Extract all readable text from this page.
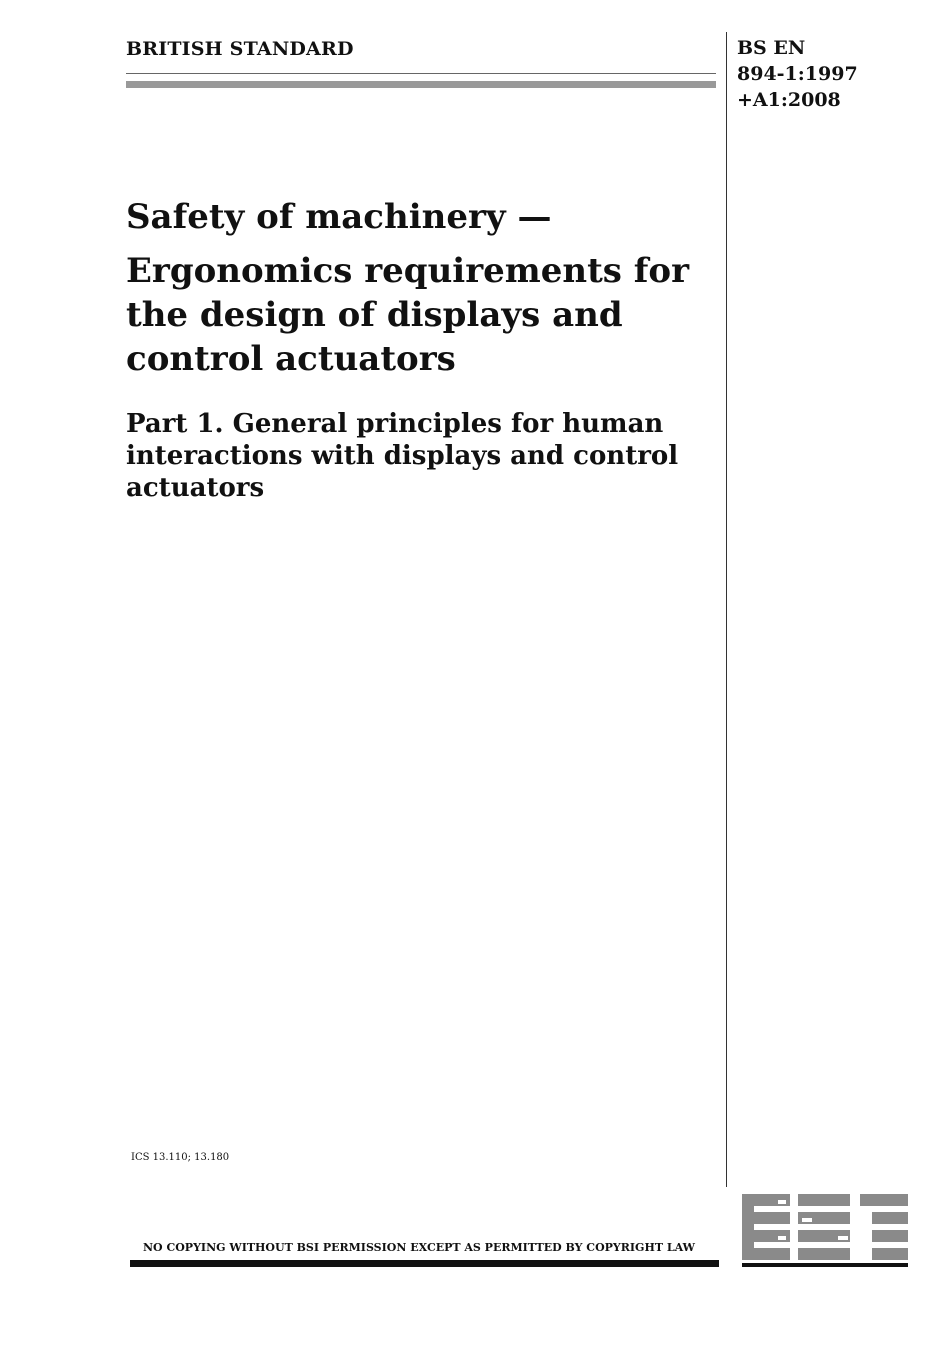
BRITISH STANDARD	BS EN
894-1:1997
+A1:2008
Safety of machinery —
Ergonomics requirements for the design of displays and control actuators
Part 1. General principles for human interactions with displays and control actuators
ICS 13.110; 13.180
NO COPYING WITHOUT BSI PERMISSION EXCEPT AS PERMITTED BY COPYRIGHT LAW
